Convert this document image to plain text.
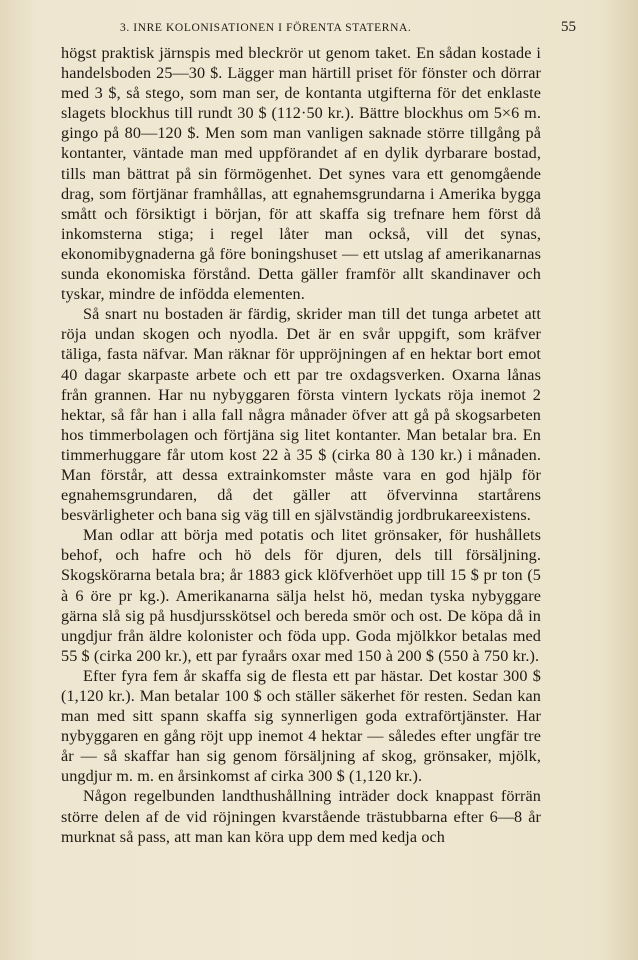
3. INRE KOLONISATIONEN I FÖRENTA STATERNA.	55

högst praktisk järnspis med bleckrör ut genom taket. En sådan kostade i handelsboden 25—30 $. Lägger man härtill priset för fönster och dörrar med 3 $, så stego, som man ser, de kontanta utgifterna för det enklaste slagets blockhus till rundt 30 $ (112·50 kr.). Bättre blockhus om 5×6 m. gingo på 80—120 $. Men som man vanligen saknade större tillgång på kontanter, väntade man med uppförandet af en dylik dyrbarare bostad, tills man bättrat på sin förmögenhet. Det synes vara ett genomgående drag, som förtjänar framhållas, att egnahemsgrundarna i Amerika bygga smått och försiktigt i början, för att skaffa sig trefnare hem först då inkomsterna stiga; i regel låter man också, vill det synas, ekonomibygnaderna gå före boningshuset — ett utslag af amerikanarnas sunda ekonomiska förstånd. Detta gäller framför allt skandinaver och tyskar, mindre de infödda elementen.

Så snart nu bostaden är färdig, skrider man till det tunga arbetet att röja undan skogen och nyodla. Det är en svår uppgift, som kräfver täliga, fasta näfvar. Man räknar för uppröjningen af en hektar bort emot 40 dagar skarpaste arbete och ett par tre oxdagsverken. Oxarna lånas från grannen. Har nu nybyggaren första vintern lyckats röja inemot 2 hektar, så får han i alla fall några månader öfver att gå på skogsarbeten hos timmerbolagen och förtjäna sig litet kontanter. Man betalar bra. En timmerhuggare får utom kost 22 à 35 $ (cirka 80 à 130 kr.) i månaden. Man förstår, att dessa extrainkomster måste vara en god hjälp för egnahemsgrundaren, då det gäller att öfvervinna startårens besvärligheter och bana sig väg till en självständig jordbrukareexistens.

Man odlar att börja med potatis och litet grönsaker, för hushållets behof, och hafre och hö dels för djuren, dels till försäljning. Skogskörarna betala bra; år 1883 gick klöfverhöet upp till 15 $ pr ton (5 à 6 öre pr kg.). Amerikanarna sälja helst hö, medan tyska nybyggare gärna slå sig på husdjursskötsel och bereda smör och ost. De köpa då in ungdjur från äldre kolonister och föda upp. Goda mjölkkor betalas med 55 $ (cirka 200 kr.), ett par fyraårs oxar med 150 à 200 $ (550 à 750 kr.).

Efter fyra fem år skaffa sig de flesta ett par hästar. Det kostar 300 $ (1,120 kr.). Man betalar 100 $ och ställer säkerhet för resten. Sedan kan man med sitt spann skaffa sig synnerligen goda extraförtjänster. Har nybyggaren en gång röjt upp inemot 4 hektar — således efter ungfär tre år — så skaffar han sig genom försäljning af skog, grönsaker, mjölk, ungdjur m. m. en årsinkomst af cirka 300 $ (1,120 kr.).

Någon regelbunden landthushållning inträder dock knappast förrän större delen af de vid röjningen kvarstående trästubbarna efter 6—8 år murknat så pass, att man kan köra upp dem med kedja och
